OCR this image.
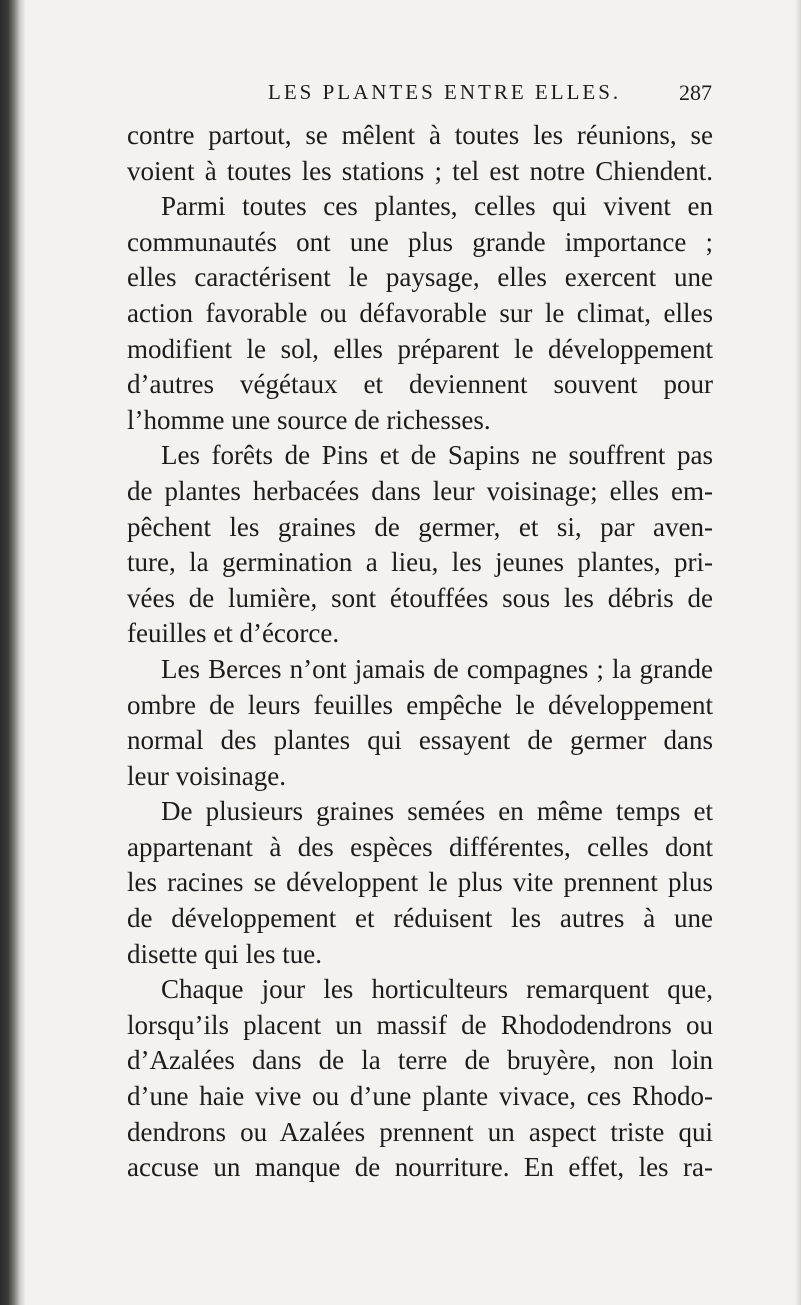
LES PLANTES ENTRE ELLES.	287
contre partout, se mêlent à toutes les réunions, se
voient à toutes les stations ; tel est notre Chiendent.
Parmi toutes ces plantes, celles qui vivent en
communautés ont une plus grande importance ;
elles caractérisent le paysage, elles exercent une
action favorable ou défavorable sur le climat, elles
modifient le sol, elles préparent le développement
d’autres végétaux et deviennent souvent pour
l’homme une source de richesses.
Les forêts de Pins et de Sapins ne souffrent pas
de plantes herbacées dans leur voisinage; elles em-
pêchent les graines de germer, et si, par aven-
ture, la germination a lieu, les jeunes plantes, pri-
vées de lumière, sont étouffées sous les débris de
feuilles et d’écorce.
Les Berces n’ont jamais de compagnes ; la grande
ombre de leurs feuilles empêche le développement
normal des plantes qui essayent de germer dans
leur voisinage.
De plusieurs graines semées en même temps et
appartenant à des espèces différentes, celles dont
les racines se développent le plus vite prennent plus
de développement et réduisent les autres à une
disette qui les tue.
Chaque jour les horticulteurs remarquent que,
lorsqu’ils placent un massif de Rhododendrons ou
d’Azalées dans de la terre de bruyère, non loin
d’une haie vive ou d’une plante vivace, ces Rhodo-
dendrons ou Azalées prennent un aspect triste qui
accuse un manque de nourriture. En effet, les ra-
